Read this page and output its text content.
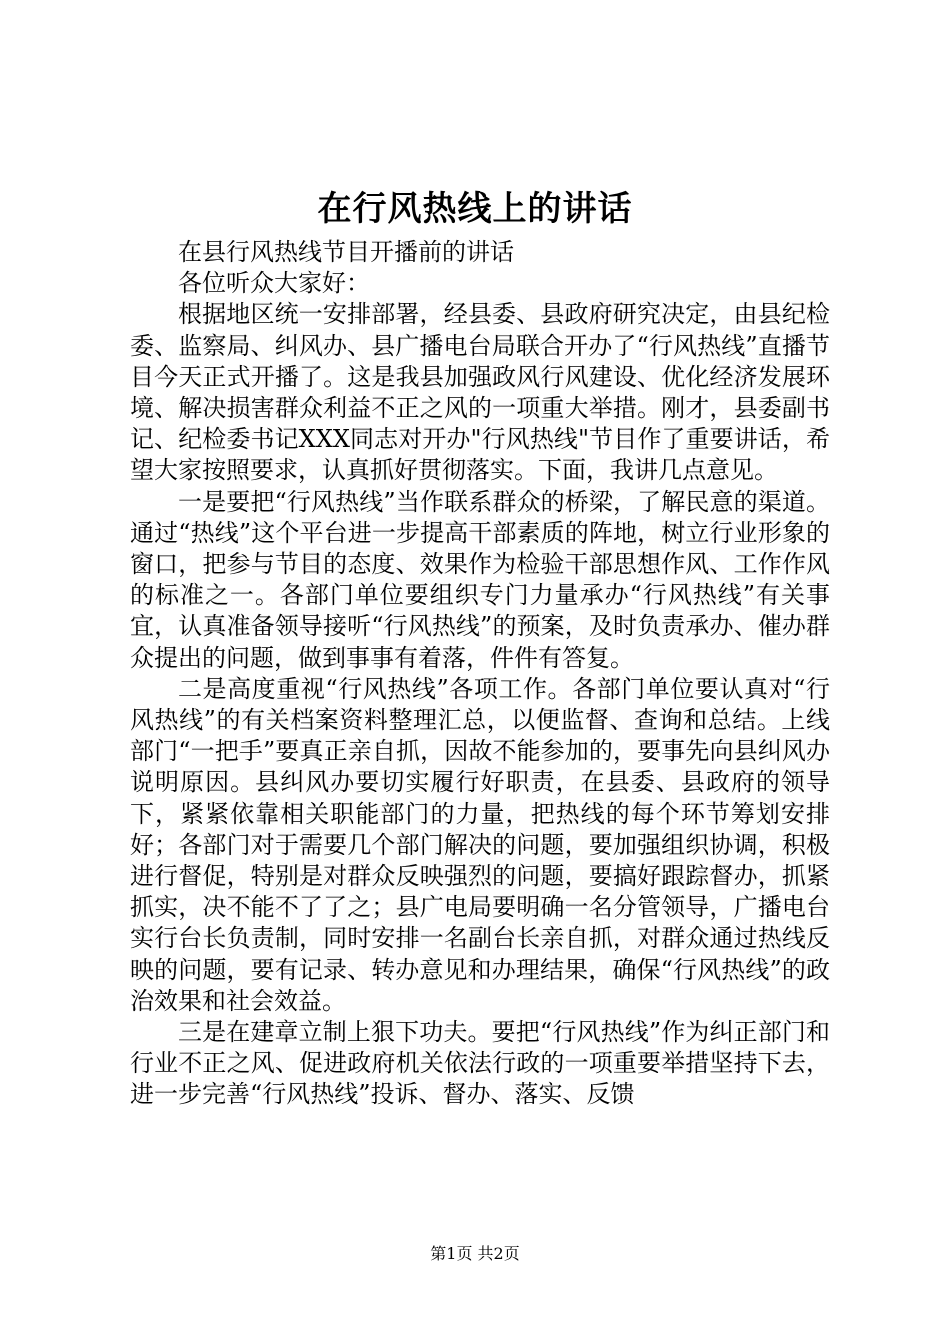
在行风热线上的讲话

在县行风热线节目开播前的讲话

各位听众大家好：

根据地区统一安排部署，经县委、县政府研究决定，由县纪检委、监察局、纠风办、县广播电台局联合开办了“行风热线”直播节目今天正式开播了。这是我县加强政风行风建设、优化经济发展环境、解决损害群众利益不正之风的一项重大举措。刚才，县委副书记、纪检委书记XXX同志对开办"行风热线"节目作了重要讲话，希望大家按照要求，认真抓好贯彻落实。下面，我讲几点意见。

一是要把“行风热线”当作联系群众的桥梁，了解民意的渠道。通过“热线”这个平台进一步提高干部素质的阵地，树立行业形象的窗口，把参与节目的态度、效果作为检验干部思想作风、工作作风的标准之一。各部门单位要组织专门力量承办“行风热线”有关事宜，认真准备领导接听“行风热线”的预案，及时负责承办、催办群众提出的问题，做到事事有着落，件件有答复。

二是高度重视“行风热线”各项工作。各部门单位要认真对“行风热线”的有关档案资料整理汇总，以便监督、查询和总结。上线部门“一把手”要真正亲自抓，因故不能参加的，要事先向县纠风办说明原因。县纠风办要切实履行好职责，在县委、县政府的领导下，紧紧依靠相关职能部门的力量，把热线的每个环节筹划安排好；各部门对于需要几个部门解决的问题，要加强组织协调，积极进行督促，特别是对群众反映强烈的问题，要搞好跟踪督办，抓紧抓实，决不能不了了之；县广电局要明确一名分管领导，广播电台实行台长负责制，同时安排一名副台长亲自抓，对群众通过热线反映的问题，要有记录、转办意见和办理结果，确保“行风热线”的政治效果和社会效益。

三是在建章立制上狠下功夫。要把“行风热线”作为纠正部门和行业不正之风、促进政府机关依法行政的一项重要举措坚持下去，进一步完善“行风热线”投诉、督办、落实、反馈

第1页 共2页
